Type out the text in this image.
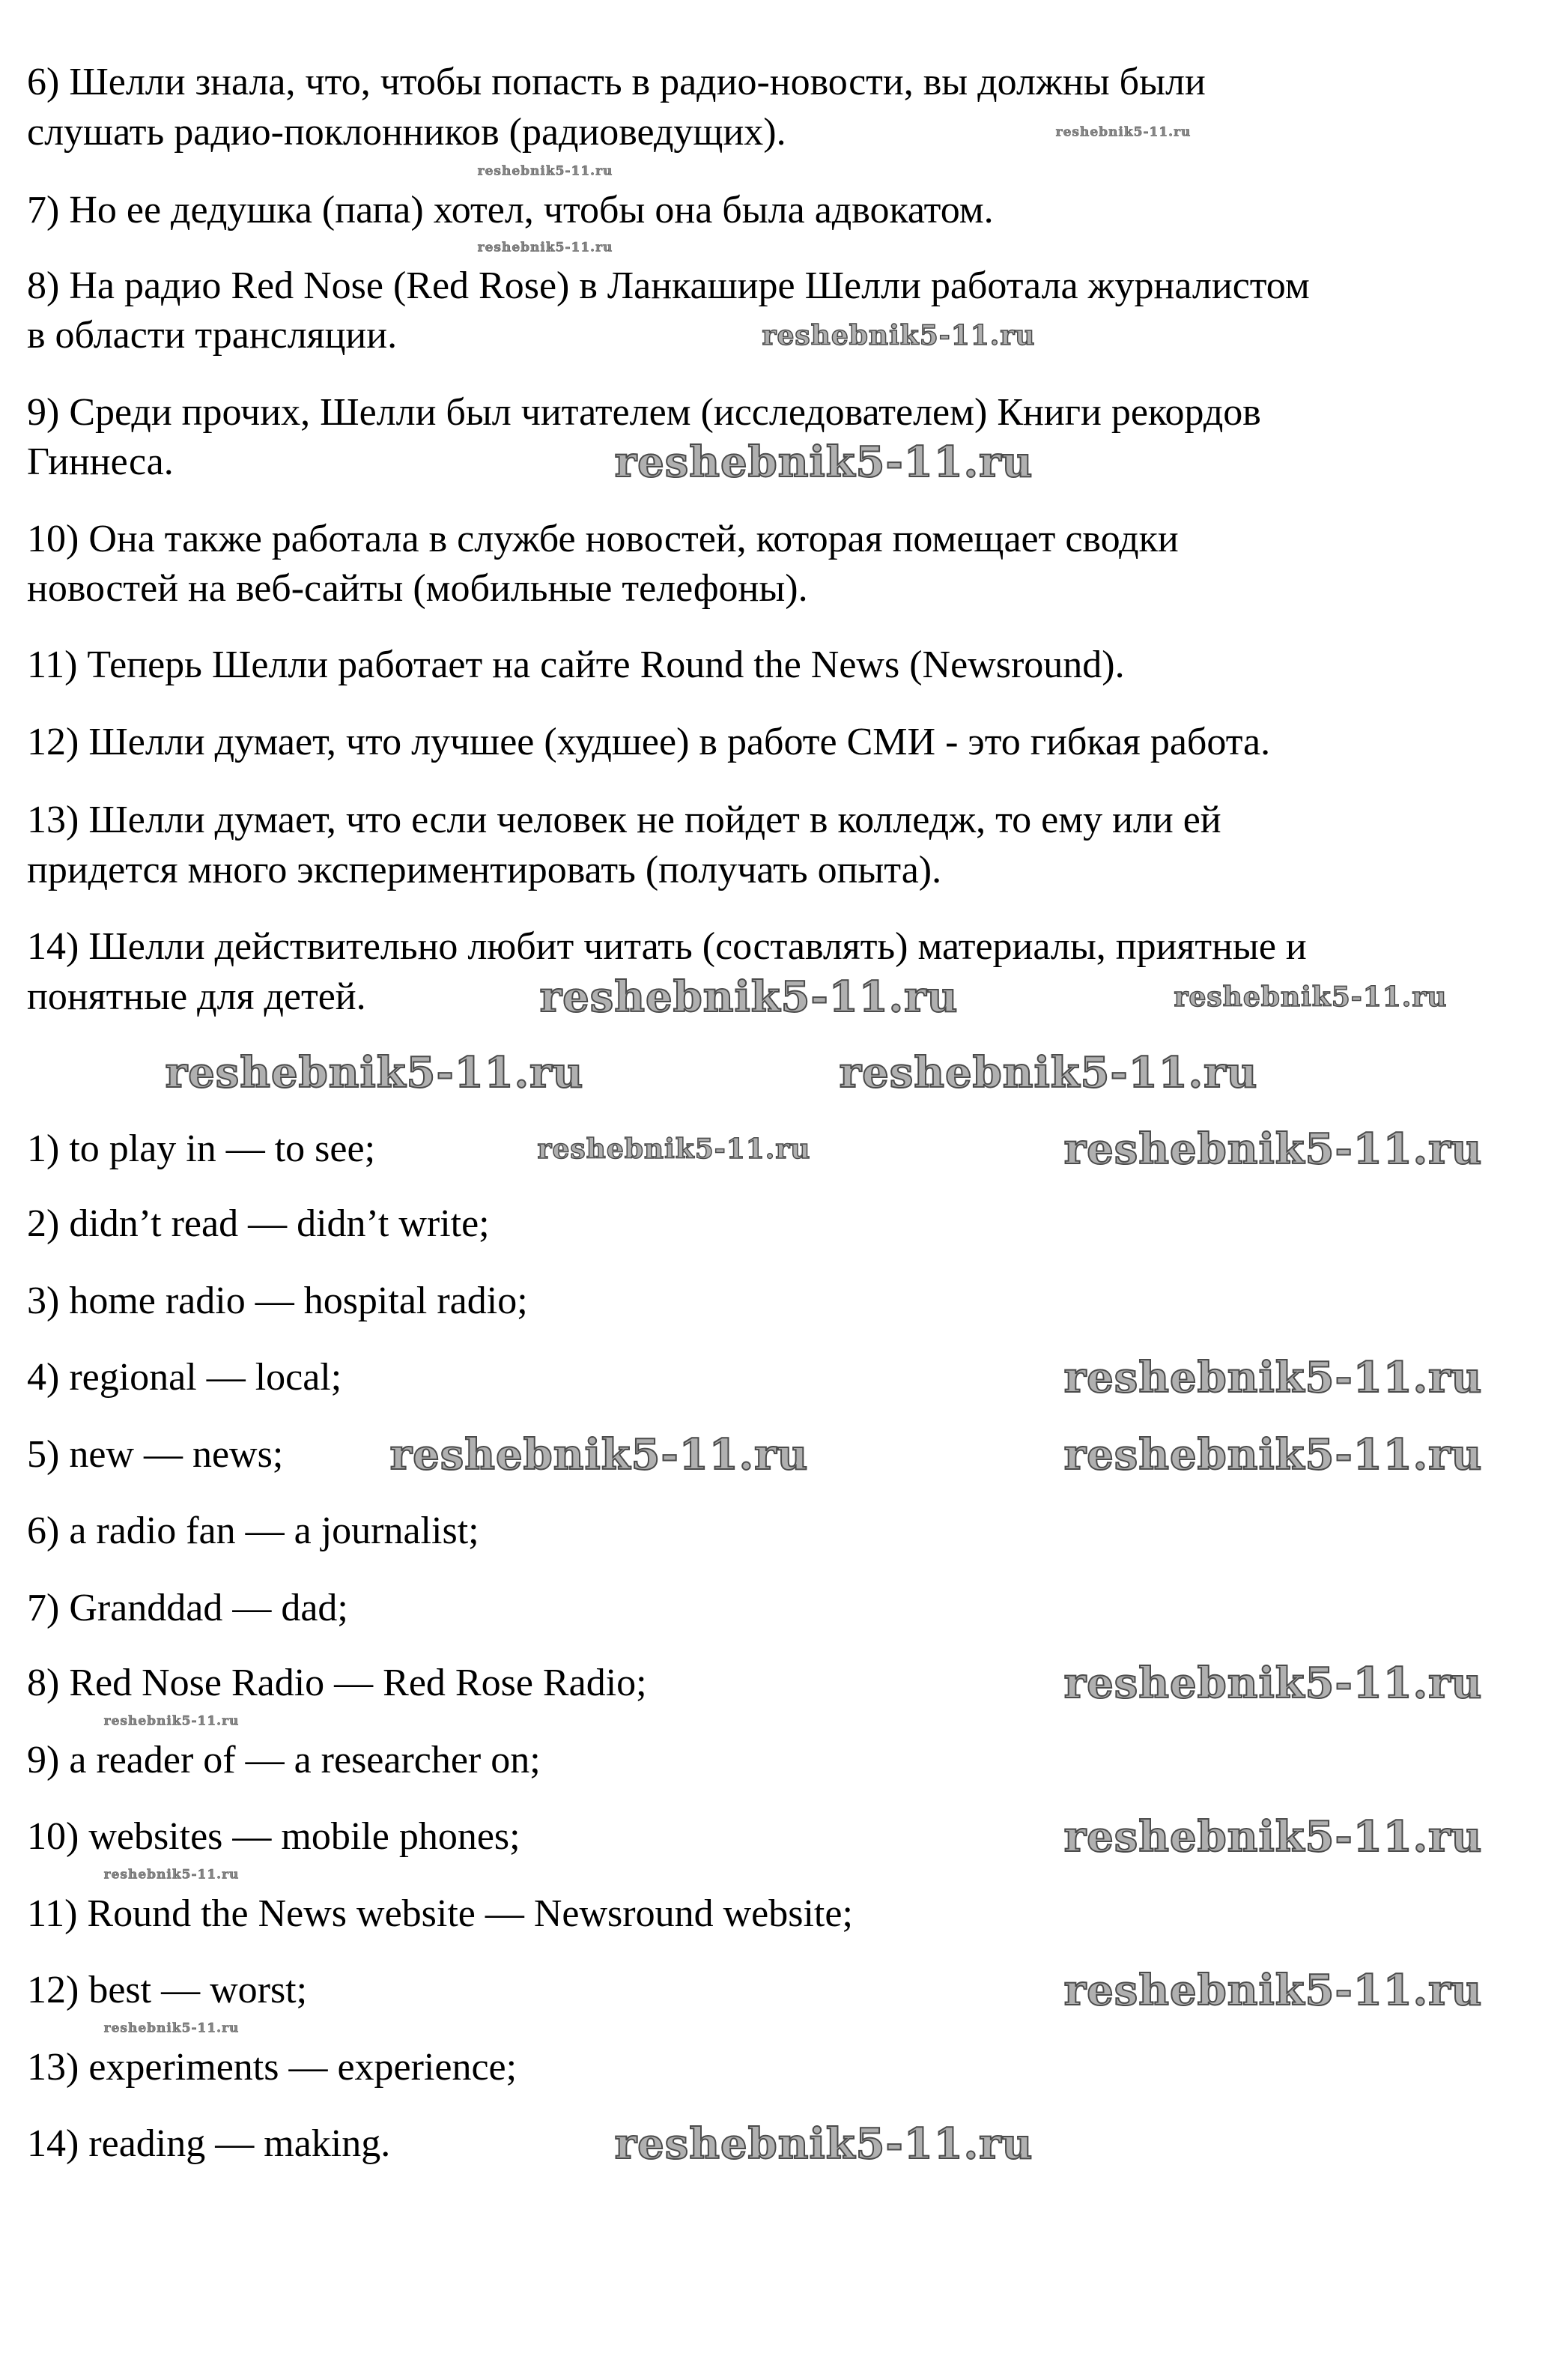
6) Шелли знала, что, чтобы попасть в радио-новости, вы должны были
слушать радио-поклонников (радиоведущих).
7) Но ее дедушка (папа) хотел, чтобы она была адвокатом.
8) На радио Red Nose (Red Rose) в Ланкашире Шелли работала журналистом
в области трансляции.
9) Среди прочих, Шелли был читателем (исследователем) Книги рекордов
Гиннеса.
10) Она также работала в службе новостей, которая помещает сводки
новостей на веб-сайты (мобильные телефоны).
11) Теперь Шелли работает на сайте Round the News (Newsround).
12) Шелли думает, что лучшее (худшее) в работе СМИ - это гибкая работа.
13) Шелли думает, что если человек не пойдет в колледж, то ему или ей
придется много экспериментировать (получать опыта).
14) Шелли действительно любит читать (составлять) материалы, приятные и
понятные для детей.
1) to play in — to see;
2) didn’t read — didn’t write;
3) home radio — hospital radio;
4) regional — local;
5) new — news;
6) a radio fan — a journalist;
7) Granddad — dad;
8) Red Nose Radio — Red Rose Radio;
9) a reader of — a researcher on;
10) websites — mobile phones;
11) Round the News website — Newsround website;
12) best — worst;
13) experiments — experience;
14) reading — making.
reshebnik5-11.ru
reshebnik5-11.ru
reshebnik5-11.ru
reshebnik5-11.ru
reshebnik5-11.ru
reshebnik5-11.ru
reshebnik5-11.ru	reshebnik5-11.ru
reshebnik5-11.ru
reshebnik5-11.ru
reshebnik5-11.ru	reshebnik5-11.ru
reshebnik5-11.ru
reshebnik5-11.ru
reshebnik5-11.ru
reshebnik5-11.ru
reshebnik5-11.ru
reshebnik5-11.ru
reshebnik5-11.ru
reshebnik5-11.ru
reshebnik5-11.ru
